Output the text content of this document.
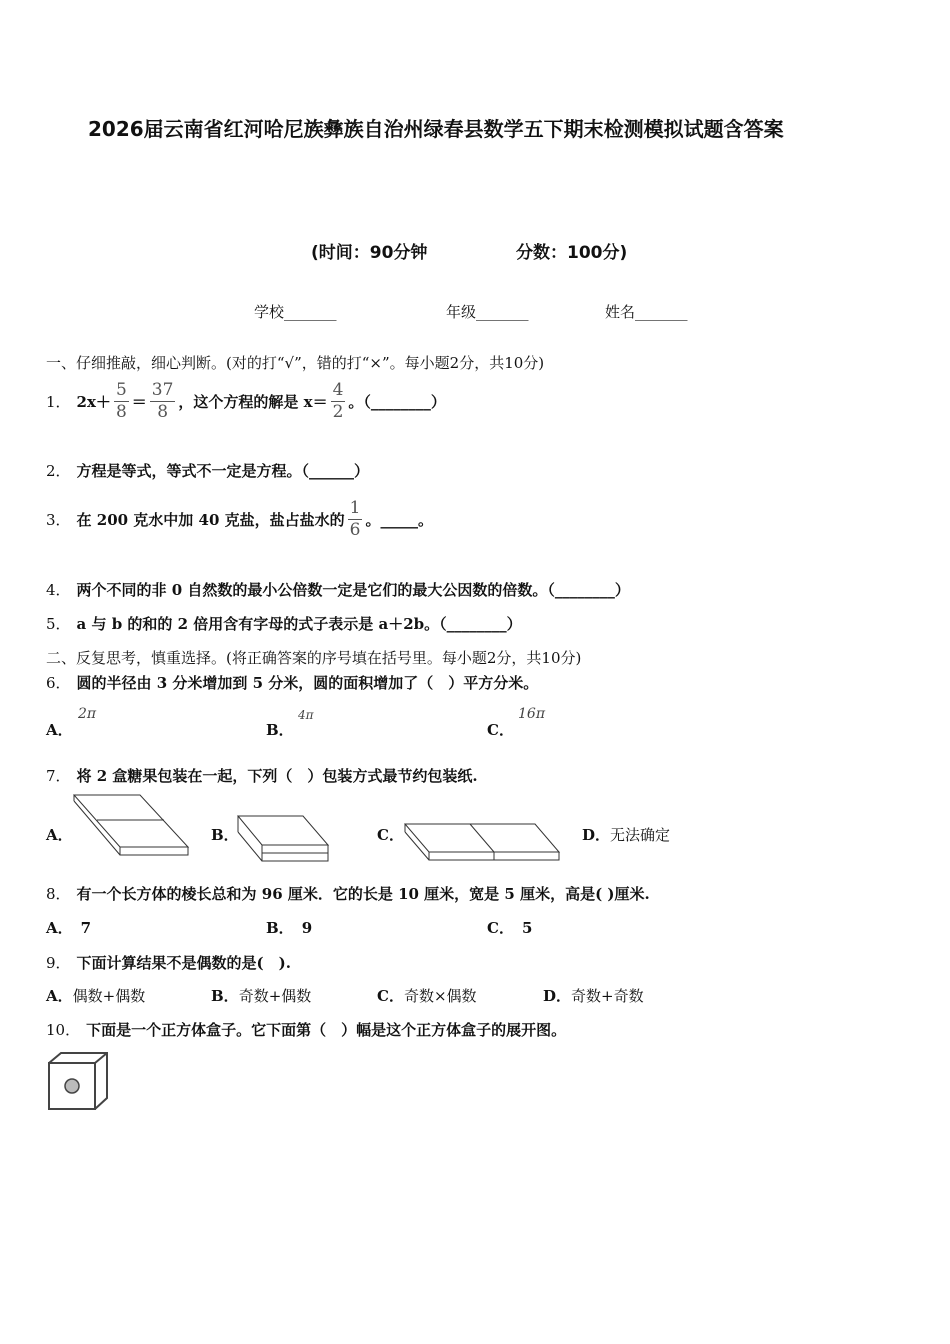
2026届云南省红河哈尼族彝族自治州绿春县数学五下期末检测模拟试题含答案
(时间：90分钟	分数：100分)
学校_______	年级_______	姓名_______
一、仔细推敲，细心判断。(对的打“√”，错的打“×”。每小题2分，共10分)
1． $2x+ \frac{5}{8} = \frac{37}{8}$ ，这个方程的解是 $x= \frac{4}{2}$ 。（________）
2． 方程是等式，等式不一定是方程。（______）
3． 在 200 克水中加 40 克盐，盐占盐水的 $\frac{1}{6}$ 。_____。
4． 两个不同的非 0 自然数的最小公倍数一定是它们的最大公因数的倍数。（________）
5． a 与 b 的和的 2 倍用含有字母的式子表示是 a＋2b。（________）
二、反复思考，慎重选择。(将正确答案的序号填在括号里。每小题2分，共10分)
6． 圆的半径由 3 分米增加到 5 分米，圆的面积增加了（　）平方分米。
A．
2π
B．
4π
C．
16π
7． 将 2 盒糖果包装在一起，下列（　）包装方式最节约包装纸.
A．	B．	C．	D． 无法确定
8． 有一个长方体的棱长总和为 96 厘米．它的长是 10 厘米，宽是 5 厘米，高是( )厘米.
A． 7	B． 9	C． 5
9． 下面计算结果不是偶数的是(　).
A．偶数+偶数	B．奇数+偶数	C．奇数×偶数	D．奇数+奇数
10． 下面是一个正方体盒子。它下面第（　）幅是这个正方体盒子的展开图。
